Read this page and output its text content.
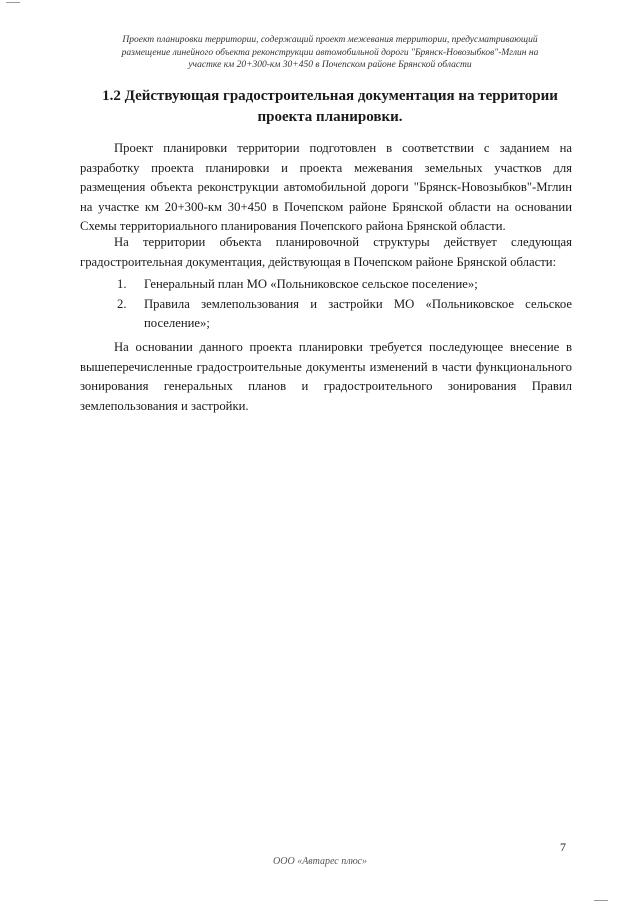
Проект планировки территории, содержащий проект межевания территории, предусматривающий
размещение линейного объекта реконструкции автомобильной дороги "Брянск-Новозыбков"-Мглин на
участке км 20+300-км 30+450 в Почепском районе Брянской области
1.2 Действующая градостроительная документация на территории
проекта планировки.

Проект планировки территории подготовлен в соответствии с заданием на разработку проекта планировки и проекта межевания земельных участков для размещения объекта реконструкции автомобильной дороги "Брянск-Новозыбков"-Мглин на участке км 20+300-км 30+450 в Почепском районе Брянской области на основании Схемы территориального планирования Почепского района Брянской области.

На территории объекта планировочной структуры действует следующая градостроительная документация, действующая в Почепском районе Брянской области:

1. Генеральный план МО «Польниковское сельское поселение»;
2. Правила землепользования и застройки МО «Польниковское сельское поселение»;

На основании данного проекта планировки требуется последующее внесение в вышеперечисленные градостроительные документы изменений в части функционального зонирования генеральных планов и градостроительного зонирования Правил землепользования и застройки.

7
ООО «Автарес плюс»
